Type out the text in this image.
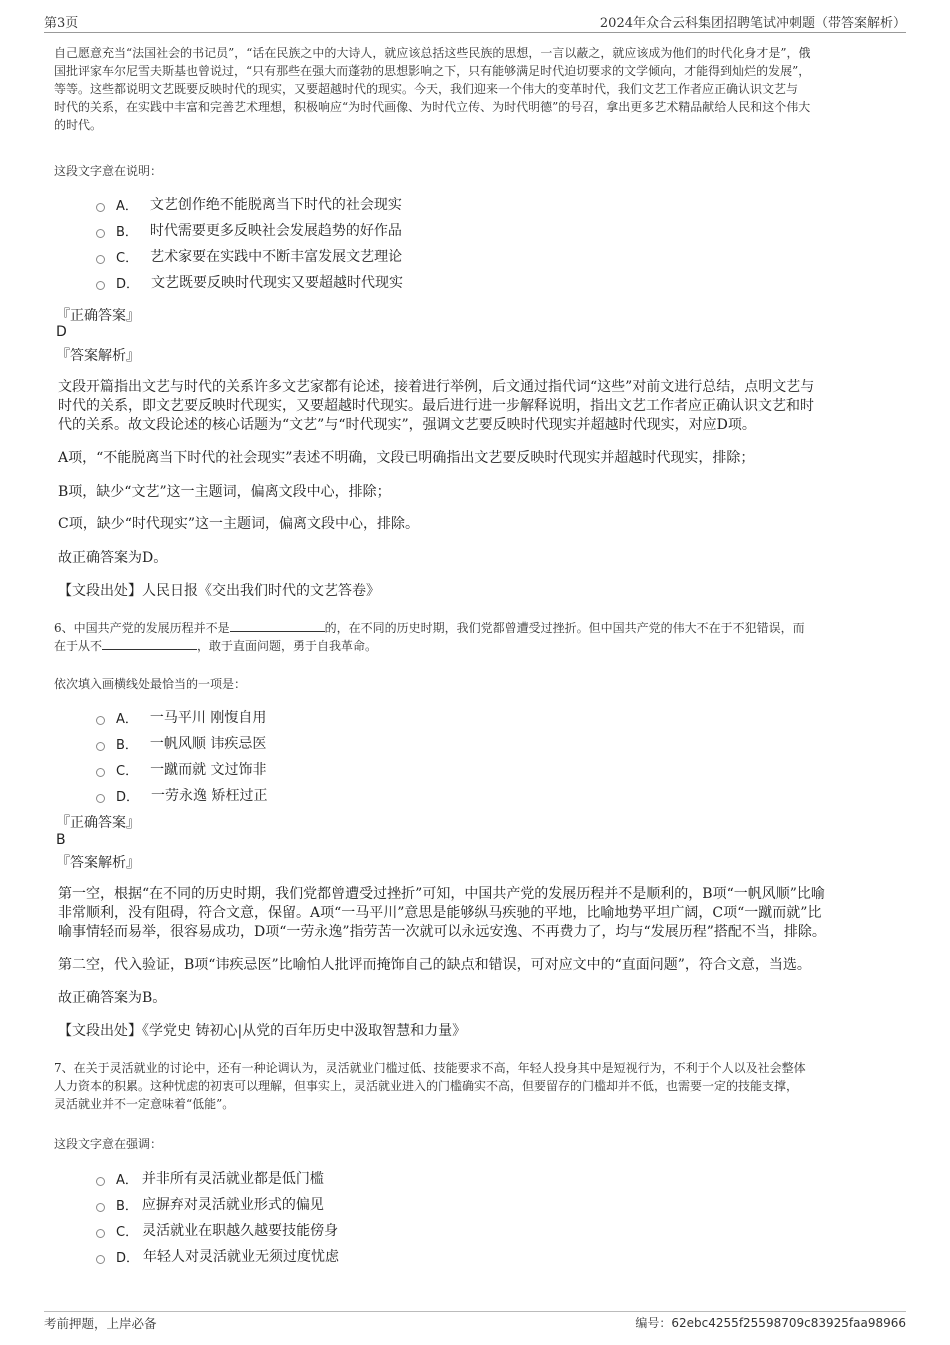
第3页	2024年众合云科集团招聘笔试冲刺题（带答案解析）
自己愿意充当“法国社会的书记员”，“话在民族之中的大诗人，就应该总括这些民族的思想，一言以蔽之，就应该成为他们的时代化身才是”，俄
国批评家车尔尼雪夫斯基也曾说过，“只有那些在强大而蓬勃的思想影响之下，只有能够满足时代迫切要求的文学倾向，才能得到灿烂的发展”，
等等。这些都说明文艺既要反映时代的现实，又要超越时代的现实。今天，我们迎来一个伟大的变革时代，我们文艺工作者应正确认识文艺与
时代的关系，在实践中丰富和完善艺术理想，积极响应“为时代画像、为时代立传、为时代明德”的号召，拿出更多艺术精品献给人民和这个伟大
的时代。
这段文字意在说明：
A． 文艺创作绝不能脱离当下时代的社会现实
B． 时代需要更多反映社会发展趋势的好作品
C． 艺术家要在实践中不断丰富发展文艺理论
D． 文艺既要反映时代现实又要超越时代现实
『正确答案』
D
『答案解析』
文段开篇指出文艺与时代的关系许多文艺家都有论述，接着进行举例，后文通过指代词“这些”对前文进行总结，点明文艺与
时代的关系，即文艺要反映时代现实，又要超越时代现实。最后进行进一步解释说明，指出文艺工作者应正确认识文艺和时
代的关系。故文段论述的核心话题为“文艺”与“时代现实”，强调文艺要反映时代现实并超越时代现实，对应D项。
A项，“不能脱离当下时代的社会现实”表述不明确，文段已明确指出文艺要反映时代现实并超越时代现实，排除；
B项，缺少“文艺”这一主题词，偏离文段中心，排除；
C项，缺少“时代现实”这一主题词，偏离文段中心，排除。
故正确答案为D。
【文段出处】人民日报《交出我们时代的文艺答卷》
6、中国共产党的发展历程并不是	的，在不同的历史时期，我们党都曾遭受过挫折。但中国共产党的伟大不在于不犯错误，而
在于从不	，敢于直面问题，勇于自我革命。
依次填入画横线处最恰当的一项是：
A． 一马平川 刚愎自用
B． 一帆风顺 讳疾忌医
C． 一蹴而就 文过饰非
D． 一劳永逸 矫枉过正
『正确答案』
B
『答案解析』
第一空，根据“在不同的历史时期，我们党都曾遭受过挫折”可知，中国共产党的发展历程并不是顺利的，B项“一帆风顺”比喻
非常顺利，没有阻碍，符合文意，保留。A项“一马平川”意思是能够纵马疾驰的平地，比喻地势平坦广阔，C项“一蹴而就”比
喻事情轻而易举，很容易成功，D项“一劳永逸”指劳苦一次就可以永远安逸、不再费力了，均与“发展历程”搭配不当，排除。
第二空，代入验证，B项“讳疾忌医”比喻怕人批评而掩饰自己的缺点和错误，可对应文中的“直面问题”，符合文意，当选。
故正确答案为B。
【文段出处】《学党史 铸初心|从党的百年历史中汲取智慧和力量》
7、在关于灵活就业的讨论中，还有一种论调认为，灵活就业门槛过低、技能要求不高，年轻人投身其中是短视行为，不利于个人以及社会整体
人力资本的积累。这种忧虑的初衷可以理解，但事实上，灵活就业进入的门槛确实不高，但要留存的门槛却并不低，也需要一定的技能支撑，
灵活就业并不一定意味着“低能”。
这段文字意在强调：
A． 并非所有灵活就业都是低门槛
B． 应摒弃对灵活就业形式的偏见
C． 灵活就业在职越久越要技能傍身
D． 年轻人对灵活就业无须过度忧虑
考前押题，上岸必备	编号：62ebc4255f25598709c83925faa98966
